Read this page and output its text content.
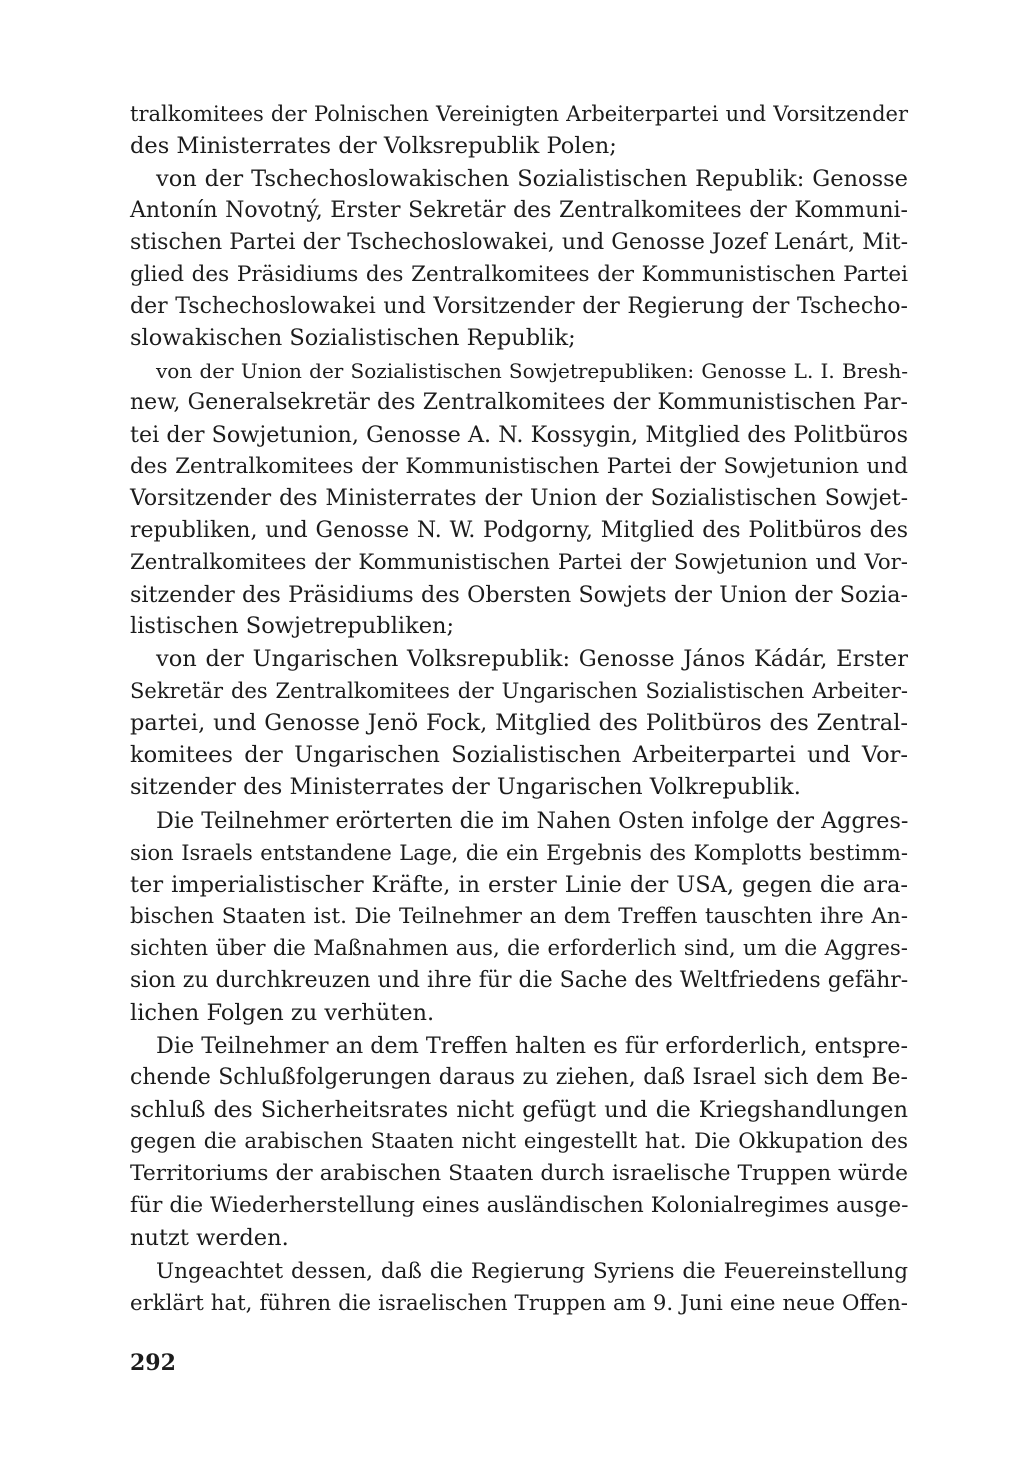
tralkomitees der Polnischen Vereinigten Arbeiterpartei und Vorsitzender
des Ministerrates der Volksrepublik Polen;
von der Tschechoslowakischen Sozialistischen Republik: Genosse
Antonín Novotný, Erster Sekretär des Zentralkomitees der Kommuni-
stischen Partei der Tschechoslowakei, und Genosse Jozef Lenárt, Mit-
glied des Präsidiums des Zentralkomitees der Kommunistischen Partei
der Tschechoslowakei und Vorsitzender der Regierung der Tschecho-
slowakischen Sozialistischen Republik;
von der Union der Sozialistischen Sowjetrepubliken: Genosse L. I. Bresh-
new, Generalsekretär des Zentralkomitees der Kommunistischen Par-
tei der Sowjetunion, Genosse A. N. Kossygin, Mitglied des Politbüros
des Zentralkomitees der Kommunistischen Partei der Sowjetunion und
Vorsitzender des Ministerrates der Union der Sozialistischen Sowjet-
republiken, und Genosse N. W. Podgorny, Mitglied des Politbüros des
Zentralkomitees der Kommunistischen Partei der Sowjetunion und Vor-
sitzender des Präsidiums des Obersten Sowjets der Union der Sozia-
listischen Sowjetrepubliken;
von der Ungarischen Volksrepublik: Genosse János Kádár, Erster
Sekretär des Zentralkomitees der Ungarischen Sozialistischen Arbeiter-
partei, und Genosse Jenö Fock, Mitglied des Politbüros des Zentral-
komitees der Ungarischen Sozialistischen Arbeiterpartei und Vor-
sitzender des Ministerrates der Ungarischen Volkrepublik.
Die Teilnehmer erörterten die im Nahen Osten infolge der Aggres-
sion Israels entstandene Lage, die ein Ergebnis des Komplotts bestimm-
ter imperialistischer Kräfte, in erster Linie der USA, gegen die ara-
bischen Staaten ist. Die Teilnehmer an dem Treffen tauschten ihre An-
sichten über die Maßnahmen aus, die erforderlich sind, um die Aggres-
sion zu durchkreuzen und ihre für die Sache des Weltfriedens gefähr-
lichen Folgen zu verhüten.
Die Teilnehmer an dem Treffen halten es für erforderlich, entspre-
chende Schlußfolgerungen daraus zu ziehen, daß Israel sich dem Be-
schluß des Sicherheitsrates nicht gefügt und die Kriegshandlungen
gegen die arabischen Staaten nicht eingestellt hat. Die Okkupation des
Territoriums der arabischen Staaten durch israelische Truppen würde
für die Wiederherstellung eines ausländischen Kolonialregimes ausge-
nutzt werden.
Ungeachtet dessen, daß die Regierung Syriens die Feuereinstellung
erklärt hat, führen die israelischen Truppen am 9. Juni eine neue Offen-
292
